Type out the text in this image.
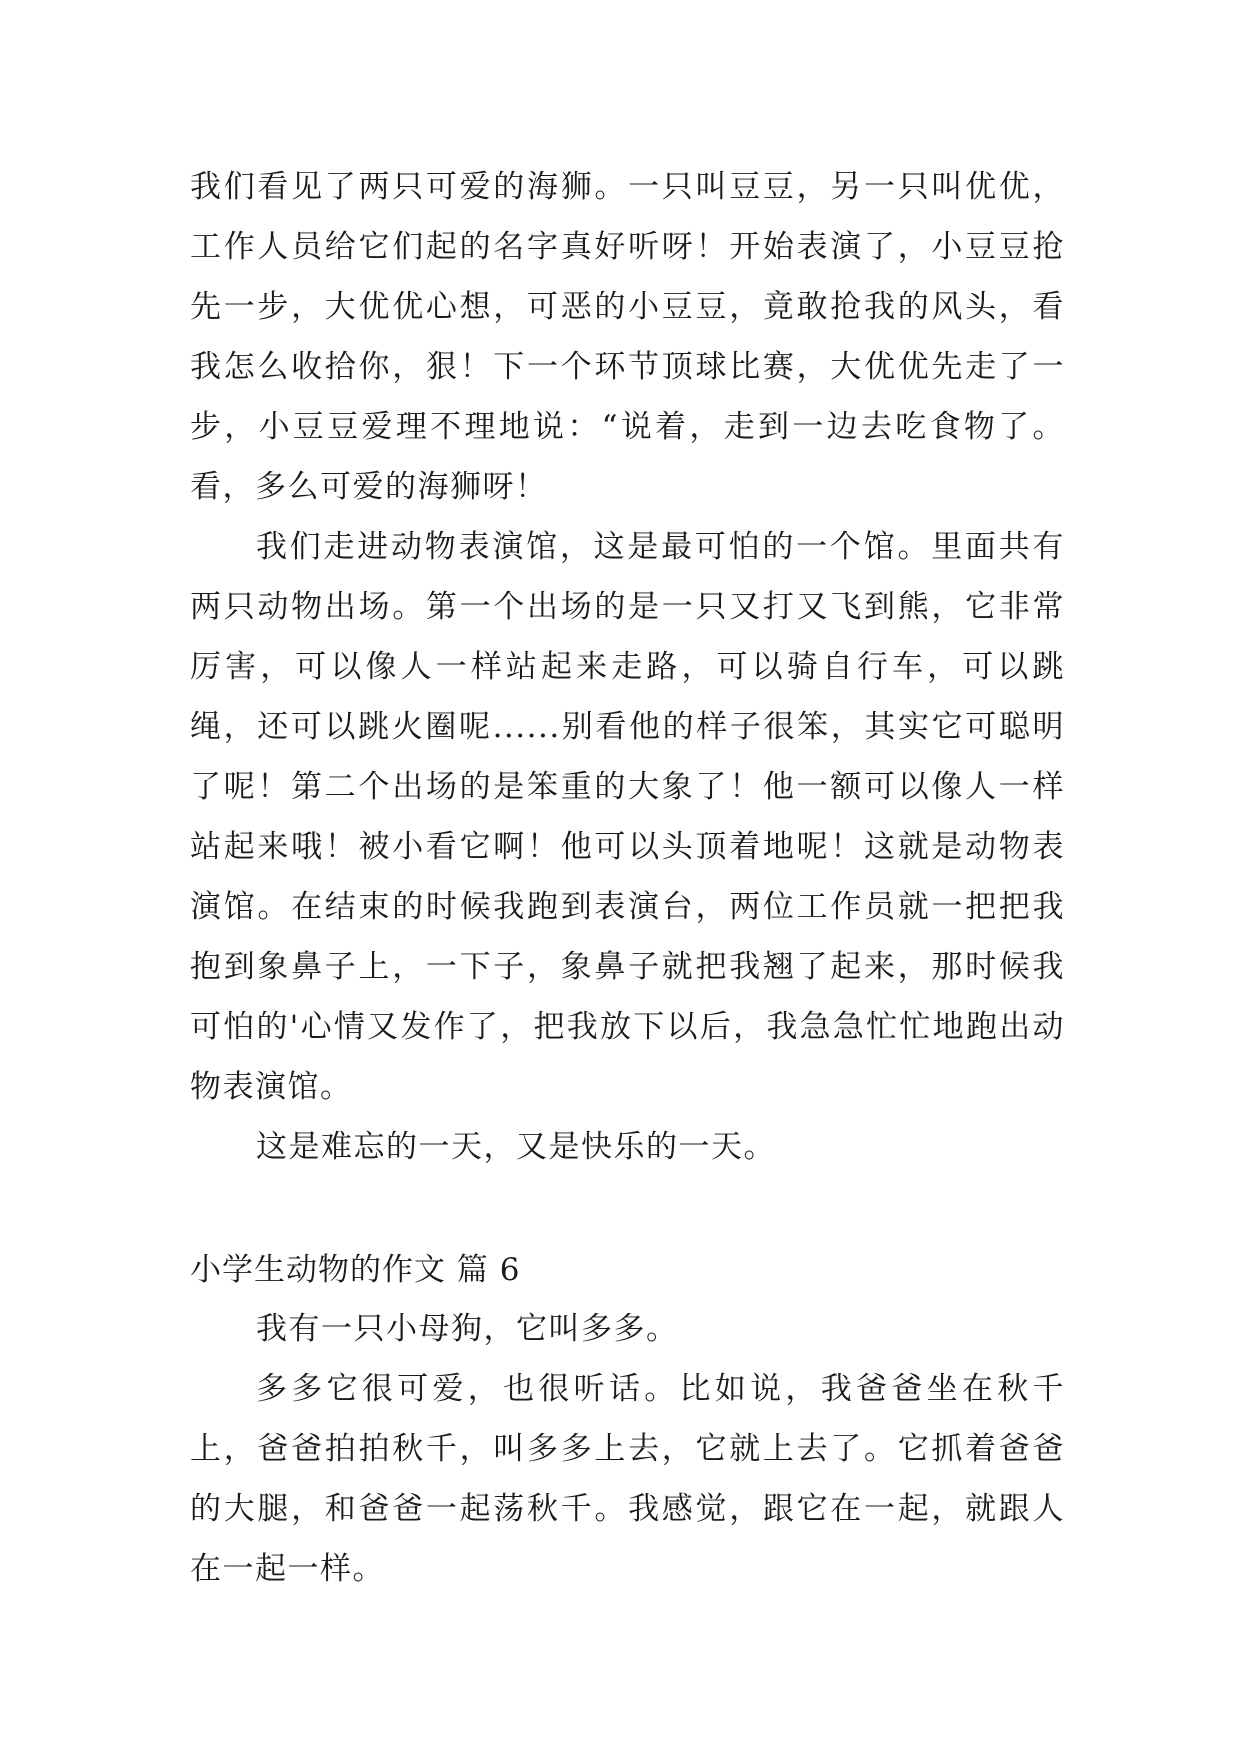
我们看见了两只可爱的海狮。一只叫豆豆，另一只叫优优，工作人员给它们起的名字真好听呀！开始表演了，小豆豆抢先一步，大优优心想，可恶的小豆豆，竟敢抢我的风头，看我怎么收拾你，狠！下一个环节顶球比赛，大优优先走了一步，小豆豆爱理不理地说：“说着，走到一边去吃食物了。看，多么可爱的海狮呀！

我们走进动物表演馆，这是最可怕的一个馆。里面共有两只动物出场。第一个出场的是一只又打又飞到熊，它非常厉害，可以像人一样站起来走路，可以骑自行车，可以跳绳，还可以跳火圈呢......别看他的样子很笨，其实它可聪明了呢！第二个出场的是笨重的大象了！他一额可以像人一样站起来哦！被小看它啊！他可以头顶着地呢！这就是动物表演馆。在结束的时候我跑到表演台，两位工作员就一把把我抱到象鼻子上，一下子，象鼻子就把我翘了起来，那时候我可怕的'心情又发作了，把我放下以后，我急急忙忙地跑出动物表演馆。

这是难忘的一天，又是快乐的一天。

小学生动物的作文 篇 6

我有一只小母狗，它叫多多。

多多它很可爱，也很听话。比如说，我爸爸坐在秋千上，爸爸拍拍秋千，叫多多上去，它就上去了。它抓着爸爸的大腿，和爸爸一起荡秋千。我感觉，跟它在一起，就跟人在一起一样。
